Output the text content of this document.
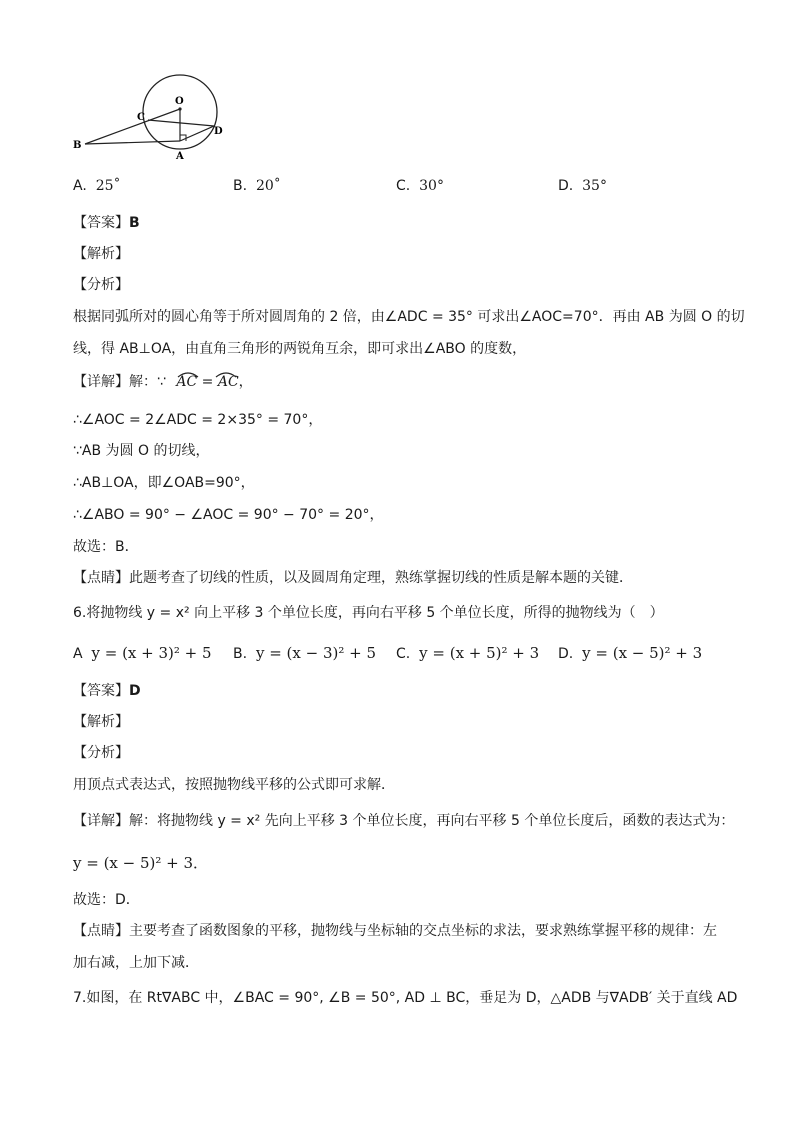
O
C
D
B
A
A. 25˚	B. 20˚	C. 30°	D. 35°
【答案】B
【解析】
【分析】
根据同弧所对的圆心角等于所对圆周角的 2 倍，由∠ADC = 35° 可求出∠AOC=70°．再由 AB 为圆 O 的切
线，得 AB⊥OA，由直角三角形的两锐角互余，即可求出∠ABO 的度数，
【详解】解：∵ AC = AC，
∴∠AOC = 2∠ADC = 2×35° = 70°，
∵AB 为圆 O 的切线，
∴AB⊥OA，即∠OAB=90°，
∴∠ABO = 90° − ∠AOC = 90° − 70° = 20°，
故选：B．
【点睛】此题考查了切线的性质，以及圆周角定理，熟练掌握切线的性质是解本题的关键．
6.将抛物线 y = x² 向上平移 3 个单位长度，再向右平移 5 个单位长度，所得的抛物线为（　）
A y = (x + 3)² + 5 B. y = (x − 3)² + 5 C. y = (x + 5)² + 3 D. y = (x − 5)² + 3
【答案】D
【解析】
【分析】
用顶点式表达式，按照抛物线平移的公式即可求解．
【详解】解：将抛物线 y = x² 先向上平移 3 个单位长度，再向右平移 5 个单位长度后，函数的表达式为：
y = (x − 5)² + 3．
故选：D．
【点睛】主要考查了函数图象的平移，抛物线与坐标轴的交点坐标的求法，要求熟练掌握平移的规律：左
加右减，上加下减．
7.如图，在 Rt∇ABC 中，∠BAC = 90°, ∠B = 50°, AD ⊥ BC，垂足为 D，△ADB 与∇ADB′ 关于直线 AD
